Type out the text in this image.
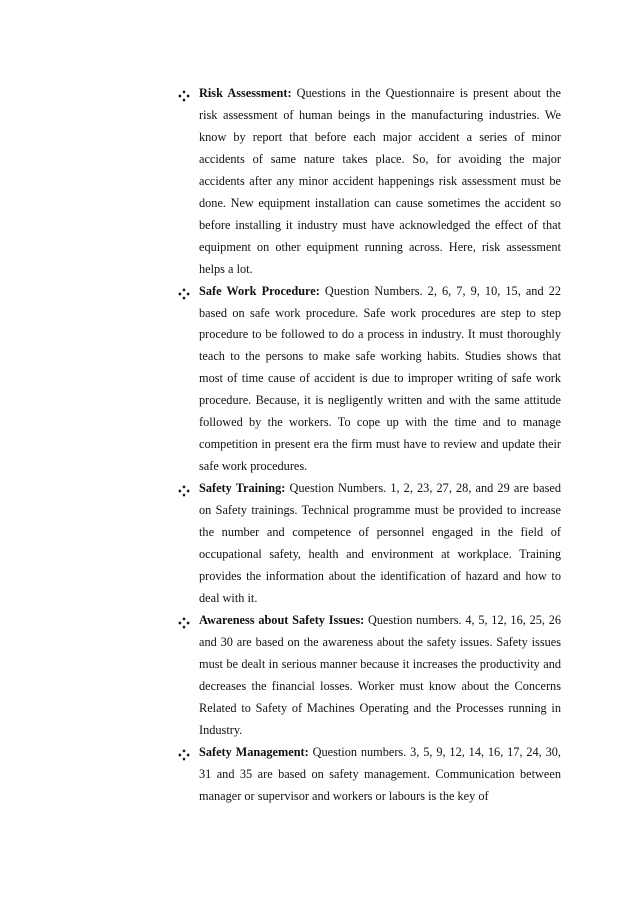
Risk Assessment: Questions in the Questionnaire is present about the risk assessment of human beings in the manufacturing industries. We know by report that before each major accident a series of minor accidents of same nature takes place. So, for avoiding the major accidents after any minor accident happenings risk assessment must be done. New equipment installation can cause sometimes the accident so before installing it industry must have acknowledged the effect of that equipment on other equipment running across. Here, risk assessment helps a lot.
Safe Work Procedure: Question Numbers. 2, 6, 7, 9, 10, 15, and 22 based on safe work procedure. Safe work procedures are step to step procedure to be followed to do a process in industry. It must thoroughly teach to the persons to make safe working habits. Studies shows that most of time cause of accident is due to improper writing of safe work procedure. Because, it is negligently written and with the same attitude followed by the workers. To cope up with the time and to manage competition in present era the firm must have to review and update their safe work procedures.
Safety Training: Question Numbers. 1, 2, 23, 27, 28, and 29 are based on Safety trainings. Technical programme must be provided to increase the number and competence of personnel engaged in the field of occupational safety, health and environment at workplace. Training provides the information about the identification of hazard and how to deal with it.
Awareness about Safety Issues: Question numbers. 4, 5, 12, 16, 25, 26 and 30 are based on the awareness about the safety issues. Safety issues must be dealt in serious manner because it increases the productivity and decreases the financial losses. Worker must know about the Concerns Related to Safety of Machines Operating and the Processes running in Industry.
Safety Management: Question numbers. 3, 5, 9, 12, 14, 16, 17, 24, 30, 31 and 35 are based on safety management. Communication between manager or supervisor and workers or labours is the key of
